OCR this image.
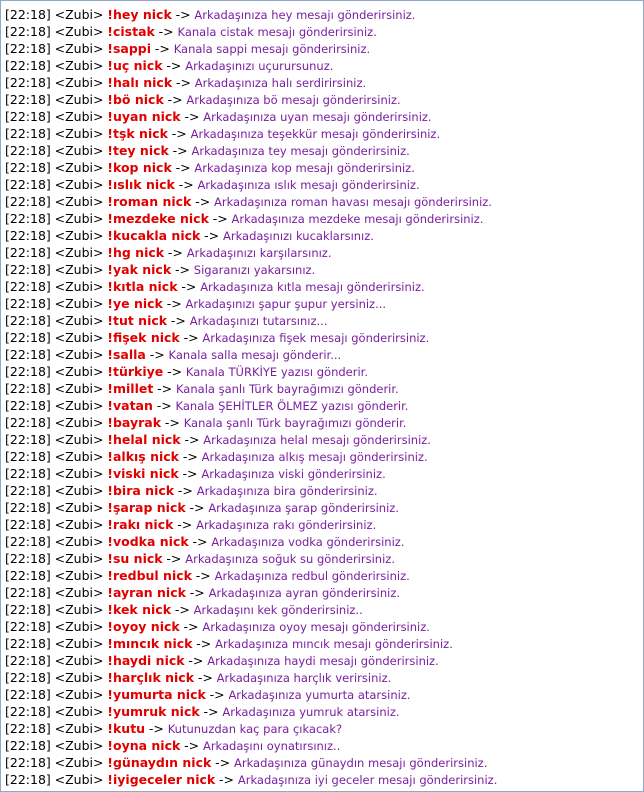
[22:18] <Zubi> !hey nick -> Arkadaşınıza hey mesajı gönderirsiniz.
[22:18] <Zubi> !cistak -> Kanala cistak mesajı gönderirsiniz.
[22:18] <Zubi> !sappi -> Kanala sappi mesajı gönderirsiniz.
[22:18] <Zubi> !uç nick -> Arkadaşınızı uçurursunuz.
[22:18] <Zubi> !halı nick -> Arkadaşınıza halı serdirirsiniz.
[22:18] <Zubi> !bö nick -> Arkadaşınıza bö mesajı gönderirsiniz.
[22:18] <Zubi> !uyan nick -> Arkadaşınıza uyan mesajı gönderirsiniz.
[22:18] <Zubi> !tşk nick -> Arkadaşınıza teşekkür mesajı gönderirsiniz.
[22:18] <Zubi> !tey nick -> Arkadaşınıza tey mesajı gönderirsiniz.
[22:18] <Zubi> !kop nick -> Arkadaşınıza kop mesajı gönderirsiniz.
[22:18] <Zubi> !ıslık nick -> Arkadaşınıza ıslık mesajı gönderirsiniz.
[22:18] <Zubi> !roman nick -> Arkadaşınıza roman havası mesajı gönderirsiniz.
[22:18] <Zubi> !mezdeke nick -> Arkadaşınıza mezdeke mesajı gönderirsiniz.
[22:18] <Zubi> !kucakla nick -> Arkadaşınızı kucaklarsınız.
[22:18] <Zubi> !hg nick -> Arkadaşınızı karşılarsınız.
[22:18] <Zubi> !yak nick -> Sigaranızı yakarsınız.
[22:18] <Zubi> !kıtla nick -> Arkadaşınıza kıtla mesajı gönderirsiniz.
[22:18] <Zubi> !ye nick -> Arkadaşınızı şapur şupur yersiniz...
[22:18] <Zubi> !tut nick -> Arkadaşınızı tutarsınız...
[22:18] <Zubi> !fişek nick -> Arkadaşınıza fişek mesajı gönderirsiniz.
[22:18] <Zubi> !salla -> Kanala salla mesajı gönderir...
[22:18] <Zubi> !türkiye -> Kanala TÜRKİYE yazısı gönderir.
[22:18] <Zubi> !millet -> Kanala şanlı Türk bayrağımızı gönderir.
[22:18] <Zubi> !vatan -> Kanala ŞEHİTLER ÖLMEZ yazısı gönderir.
[22:18] <Zubi> !bayrak -> Kanala şanlı Türk bayrağımızı gönderir.
[22:18] <Zubi> !helal nick -> Arkadaşınıza helal mesajı gönderirsiniz.
[22:18] <Zubi> !alkış nick -> Arkadaşınıza alkış mesajı gönderirsiniz.
[22:18] <Zubi> !viski nick -> Arkadaşınıza viski gönderirsiniz.
[22:18] <Zubi> !bira nick -> Arkadaşınıza bira gönderirsiniz.
[22:18] <Zubi> !şarap nick -> Arkadaşınıza şarap gönderirsiniz.
[22:18] <Zubi> !rakı nick -> Arkadaşınıza rakı gönderirsiniz.
[22:18] <Zubi> !vodka nick -> Arkadaşınıza vodka gönderirsiniz.
[22:18] <Zubi> !su nick -> Arkadaşınıza soğuk su gönderirsiniz.
[22:18] <Zubi> !redbul nick -> Arkadaşınıza redbul gönderirsiniz.
[22:18] <Zubi> !ayran nick -> Arkadaşınıza ayran gönderirsiniz.
[22:18] <Zubi> !kek nick -> Arkadaşını kek gönderirsiniz..
[22:18] <Zubi> !oyoy nick -> Arkadaşınıza oyoy mesajı gönderirsiniz.
[22:18] <Zubi> !mıncık nick -> Arkadaşınıza mıncık mesajı gönderirsiniz.
[22:18] <Zubi> !haydi nick -> Arkadaşınıza haydi mesajı gönderirsiniz.
[22:18] <Zubi> !harçlık nick -> Arkadaşınıza harçlık verirsiniz.
[22:18] <Zubi> !yumurta nick -> Arkadaşınıza yumurta atarsiniz.
[22:18] <Zubi> !yumruk nick -> Arkadaşınıza yumruk atarsiniz.
[22:18] <Zubi> !kutu -> Kutunuzdan kaç para çıkacak?
[22:18] <Zubi> !oyna nick -> Arkadaşını oynatırsınız..
[22:18] <Zubi> !günaydın nick -> Arkadaşınıza günaydın mesajı gönderirsiniz.
[22:18] <Zubi> !iyigeceler nick -> Arkadaşınıza iyi geceler mesajı gönderirsiniz.
